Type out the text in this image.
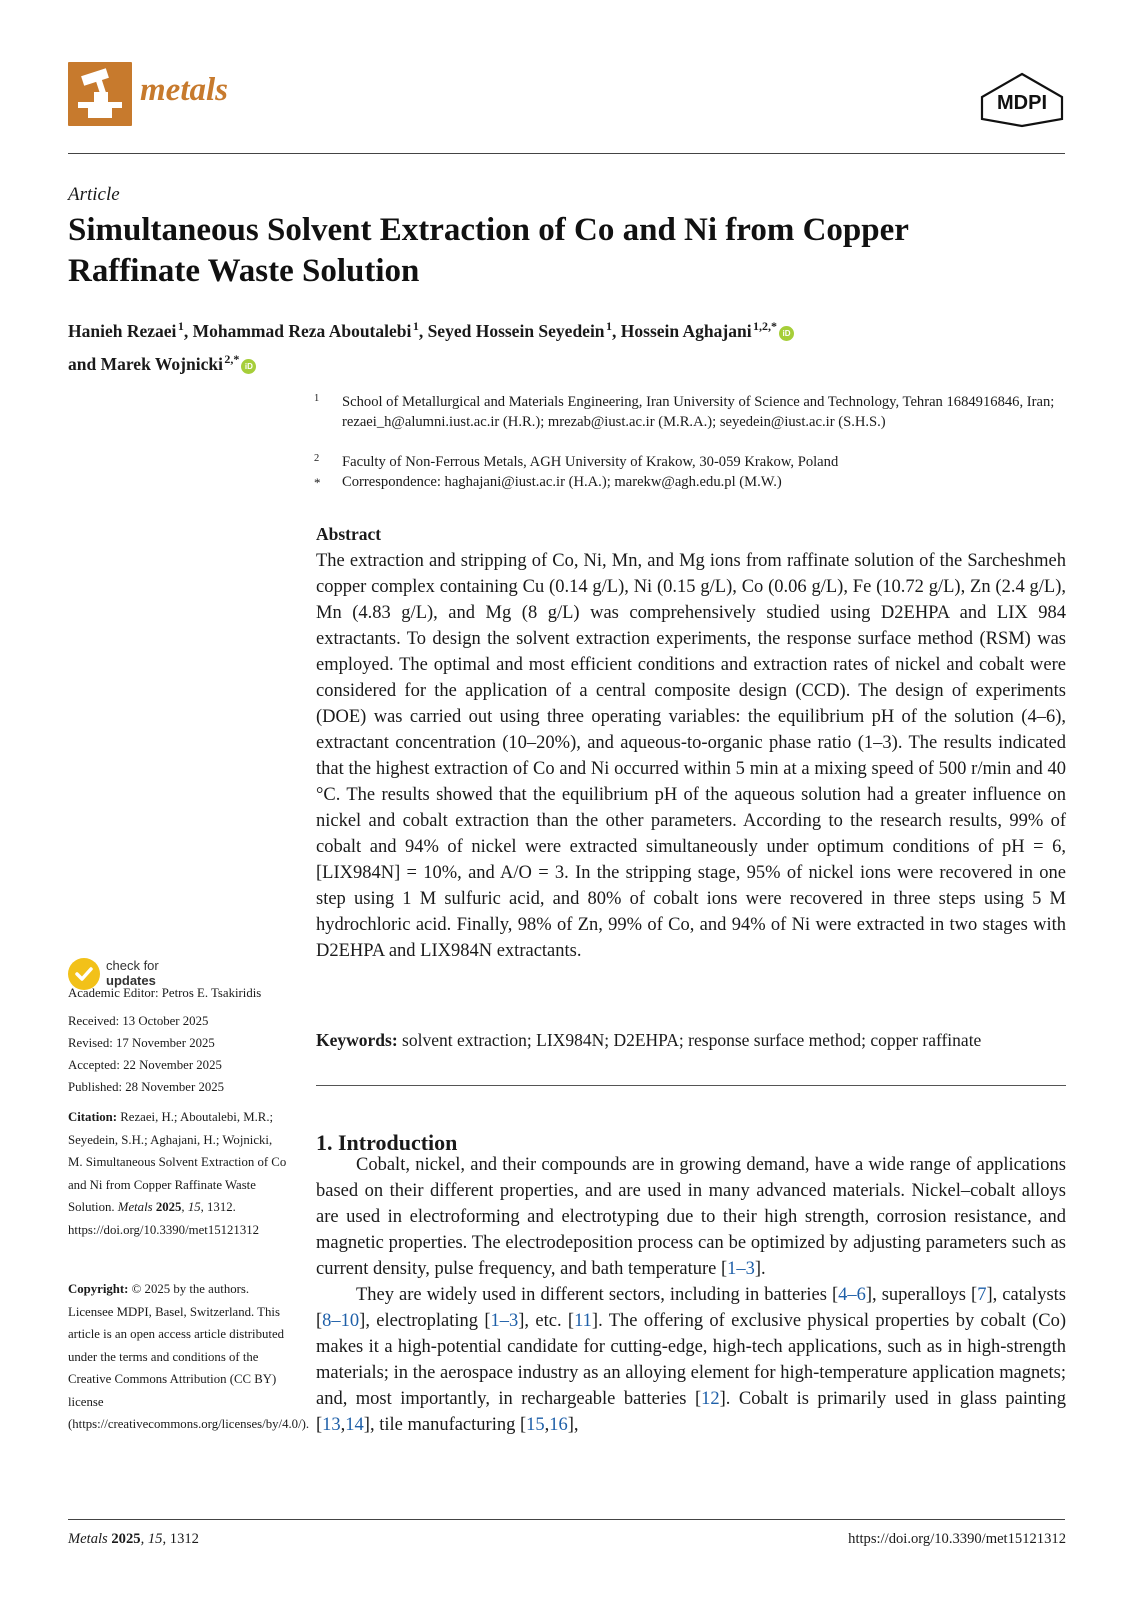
metals	MDPI
Article
Simultaneous Solvent Extraction of Co and Ni from Copper Raffinate Waste Solution
Hanieh Rezaei $^1$, Mohammad Reza Aboutalebi $^1$, Seyed Hossein Seyedein $^1$, Hossein Aghajani $^{1,2,*}$iD
and Marek Wojnicki $^{2,*}$iD
1 School of Metallurgical and Materials Engineering, Iran University of Science and Technology, Tehran 1684916846, Iran; rezaei_h@alumni.iust.ac.ir (H.R.); mrezab@iust.ac.ir (M.R.A.); seyedein@iust.ac.ir (S.H.S.)
2 Faculty of Non-Ferrous Metals, AGH University of Krakow, 30-059 Krakow, Poland
* Correspondence: haghajani@iust.ac.ir (H.A.); marekw@agh.edu.pl (M.W.)
Abstract

The extraction and stripping of Co, Ni, Mn, and Mg ions from raffinate solution of the Sarcheshmeh copper complex containing Cu (0.14 g/L), Ni (0.15 g/L), Co (0.06 g/L), Fe (10.72 g/L), Zn (2.4 g/L), Mn (4.83 g/L), and Mg (8 g/L) was comprehensively studied using D2EHPA and LIX 984 extractants. To design the solvent extraction experiments, the response surface method (RSM) was employed. The optimal and most efficient conditions and extraction rates of nickel and cobalt were considered for the application of a central composite design (CCD). The design of experiments (DOE) was carried out using three operating variables: the equilibrium pH of the solution (4–6), extractant concentration (10–20%), and aqueous-to-organic phase ratio (1–3). The results indicated that the highest extraction of Co and Ni occurred within 5 min at a mixing speed of 500 r/min and 40 °C. The results showed that the equilibrium pH of the aqueous solution had a greater influence on nickel and cobalt extraction than the other parameters. According to the research results, 99% of cobalt and 94% of nickel were extracted simultaneously under optimum conditions of pH = 6, [LIX984N] = 10%, and A/O = 3. In the stripping stage, 95% of nickel ions were recovered in one step using 1 M sulfuric acid, and 80% of cobalt ions were recovered in three steps using 5 M hydrochloric acid. Finally, 98% of Zn, 99% of Co, and 94% of Ni were extracted in two stages with D2EHPA and LIX984N extractants.

Keywords: solvent extraction; LIX984N; D2EHPA; response surface method; copper raffinate
1. Introduction

Cobalt, nickel, and their compounds are in growing demand, have a wide range of applications based on their different properties, and are used in many advanced materials. Nickel–cobalt alloys are used in electroforming and electrotyping due to their high strength, corrosion resistance, and magnetic properties. The electrodeposition process can be optimized by adjusting parameters such as current density, pulse frequency, and bath temperature [1–3].

They are widely used in different sectors, including in batteries [4–6], superalloys [7], catalysts [8–10], electroplating [1–3], etc. [11]. The offering of exclusive physical properties by cobalt (Co) makes it a high-potential candidate for cutting-edge, high-tech applications, such as in high-strength materials; in the aerospace industry as an alloying element for high-temperature application magnets; and, most importantly, in rechargeable batteries [12]. Cobalt is primarily used in glass painting [13,14], tile manufacturing [15,16],

check for
updates
Academic Editor: Petros E. Tsakiridis
Received: 13 October 2025
Revised: 17 November 2025
Accepted: 22 November 2025
Published: 28 November 2025
Citation: Rezaei, H.; Aboutalebi, M.R.; Seyedein, S.H.; Aghajani, H.; Wojnicki, M. Simultaneous Solvent Extraction of Co and Ni from Copper Raffinate Waste Solution. Metals 2025, 15, 1312. https://doi.org/10.3390/met15121312
Copyright: © 2025 by the authors. Licensee MDPI, Basel, Switzerland. This article is an open access article distributed under the terms and conditions of the Creative Commons Attribution (CC BY) license (https://creativecommons.org/licenses/by/4.0/).
Metals 2025, 15, 1312	https://doi.org/10.3390/met15121312
